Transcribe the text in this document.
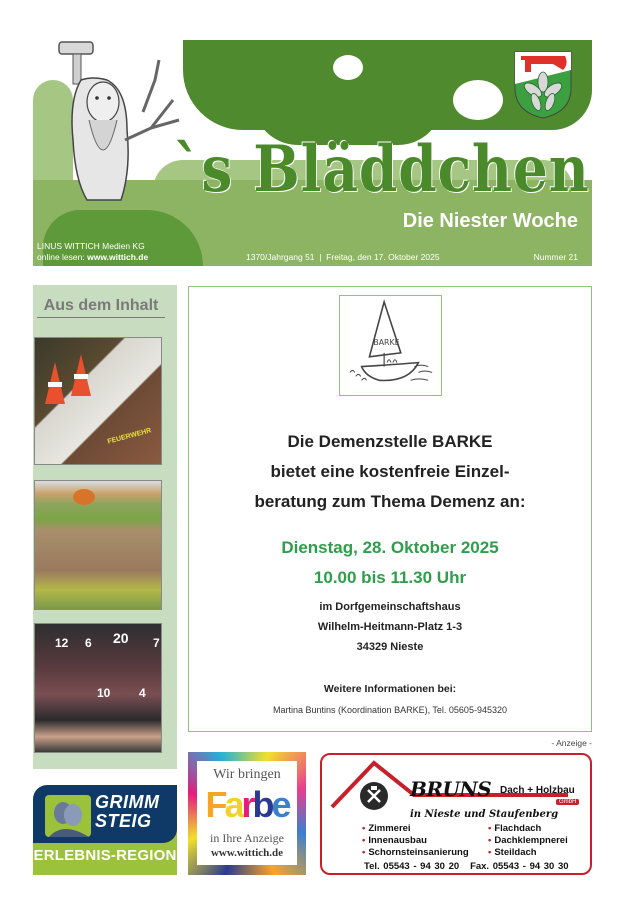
`s Bläddchen
Die Niester Woche
LINUS WITTICH Medien KG
online lesen: www.wittich.de	1370/Jahrgang 51  |  Freitag, den 17. Oktober 2025	Nummer 21
Aus dem Inhalt
FEUERWEHR
12 6 20 7
10 4
BARKE
Die Demenzstelle BARKE
bietet eine kostenfreie Einzel-
beratung zum Thema Demenz an:
Dienstag, 28. Oktober 2025
10.00 bis 11.30 Uhr
im Dorfgemeinschaftshaus
Wilhelm-Heitmann-Platz 1-3
34329 Nieste
Weitere Informationen bei:
Martina Buntins (Koordination BARKE), Tel. 05605-945320
- Anzeige -
GRIMM
STEIG
ERLEBNIS-REGION
Wir bringen
Farbe
in Ihre Anzeige
www.wittich.de
BRUNS Dach + Holzbau
GmbH
in Nieste und Staufenberg
• Zimmerei
• Innenausbau
• Schornsteinsanierung
• Flachdach
• Dachklempnerei
• Steildach
Tel. 05543 - 94 30 20 Fax. 05543 - 94 30 30
